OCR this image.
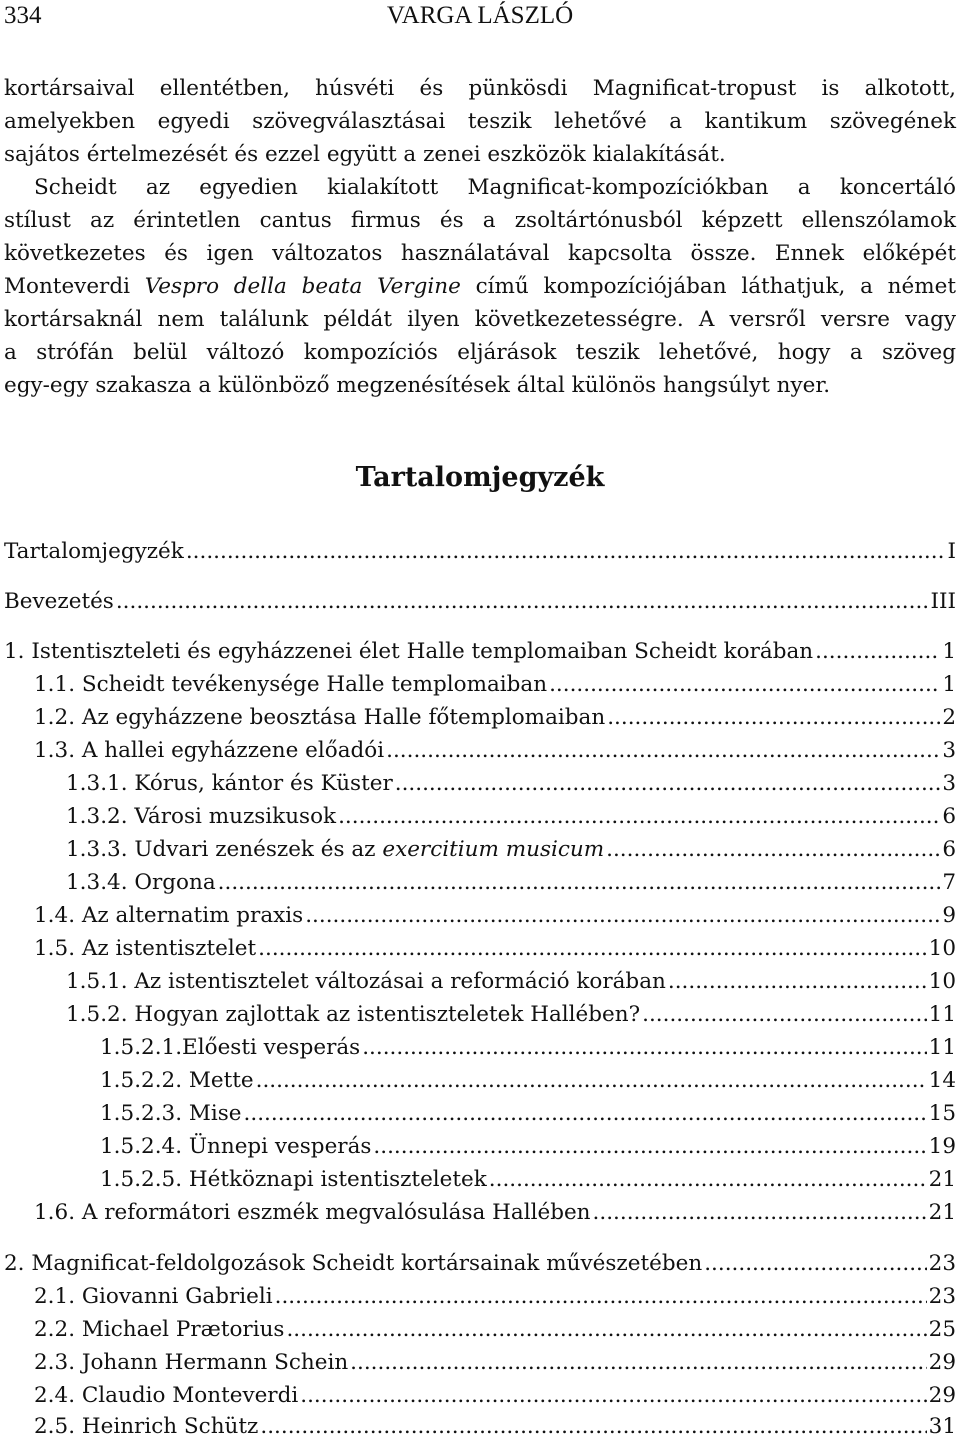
334	VARGA LÁSZLÓ
kortársaival ellentétben, húsvéti és pünkösdi Magnificat-tropust is alkotott,
amelyekben egyedi szövegválasztásai teszik lehetővé a kantikum szövegének
sajátos értelmezését és ezzel együtt a zenei eszközök kialakítását.
Scheidt az egyedien kialakított Magnificat-kompozíciókban a koncertáló
stílust az érintetlen cantus firmus és a zsoltártónusból képzett ellenszólamok
következetes és igen változatos használatával kapcsolta össze. Ennek előképét
Monteverdi Vespro della beata Vergine című kompozíciójában láthatjuk, a német
kortársaknál nem találunk példát ilyen következetességre. A versről versre vagy
a strófán belül változó kompozíciós eljárások teszik lehetővé, hogy a szöveg
egy-egy szakasza a különböző megzenésítések által különös hangsúlyt nyer.
Tartalomjegyzék
Tartalomjegyzék .....	I
Bevezetés .....	III
1. Istentiszteleti és egyházzenei élet Halle templomaiban Scheidt korában .....	1
1.1. Scheidt tevékenysége Halle templomaiban .....	1
1.2. Az egyházzene beosztása Halle főtemplomaiban .....	2
1.3. A hallei egyházzene előadói .....	3
1.3.1. Kórus, kántor és Küster .....	3
1.3.2. Városi muzsikusok .....	6
1.3.3. Udvari zenészek és az exercitium musicum .....	6
1.3.4. Orgona .....	7
1.4. Az alternatim praxis .....	9
1.5. Az istentisztelet .....	10
1.5.1. Az istentisztelet változásai a reformáció korában .....	10
1.5.2. Hogyan zajlottak az istentiszteletek Hallében? .....	11
1.5.2.1.Előesti vesperás .....	11
1.5.2.2. Mette .....	14
1.5.2.3. Mise .....	15
1.5.2.4. Ünnepi vesperás .....	19
1.5.2.5. Hétköznapi istentiszteletek .....	21
1.6. A reformátori eszmék megvalósulása Hallében .....	21
2. Magnificat-feldolgozások Scheidt kortársainak művészetében .....	23
2.1. Giovanni Gabrieli .....	23
2.2. Michael Prætorius .....	25
2.3. Johann Hermann Schein .....	29
2.4. Claudio Monteverdi .....	29
2.5. Heinrich Schütz .....	31
